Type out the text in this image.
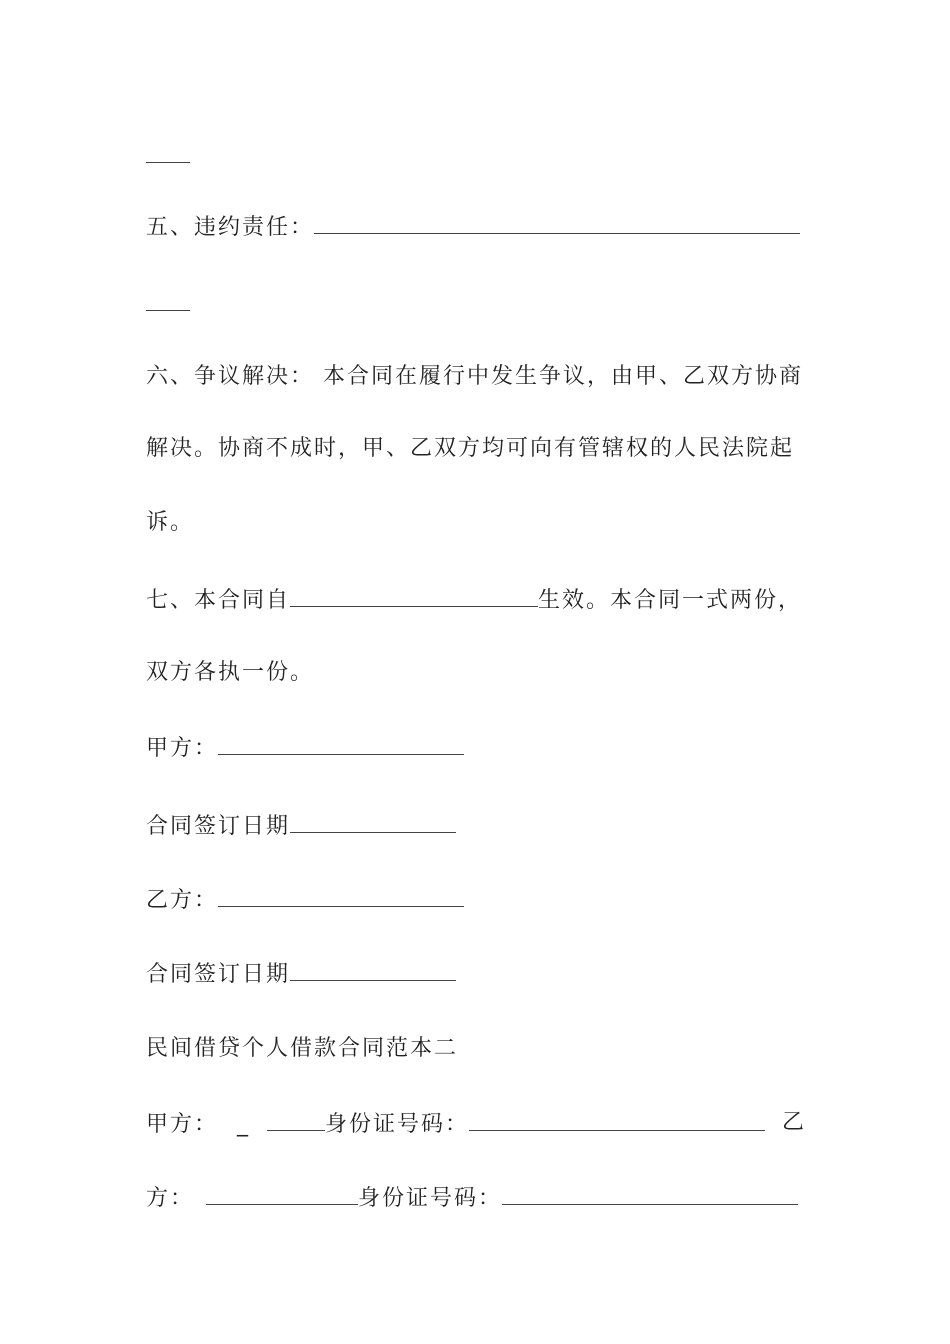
五、违约责任：
六、争议解决： 本合同在履行中发生争议，由甲、乙双方协商
解决。协商不成时，甲、乙双方均可向有管辖权的人民法院起
诉。
七、本合同自	生效。本合同一式两份，
双方各执一份。
甲方：
合同签订日期
乙方：
合同签订日期
民间借贷个人借款合同范本二
甲方： _	身份证号码：	乙
方：	身份证号码：
